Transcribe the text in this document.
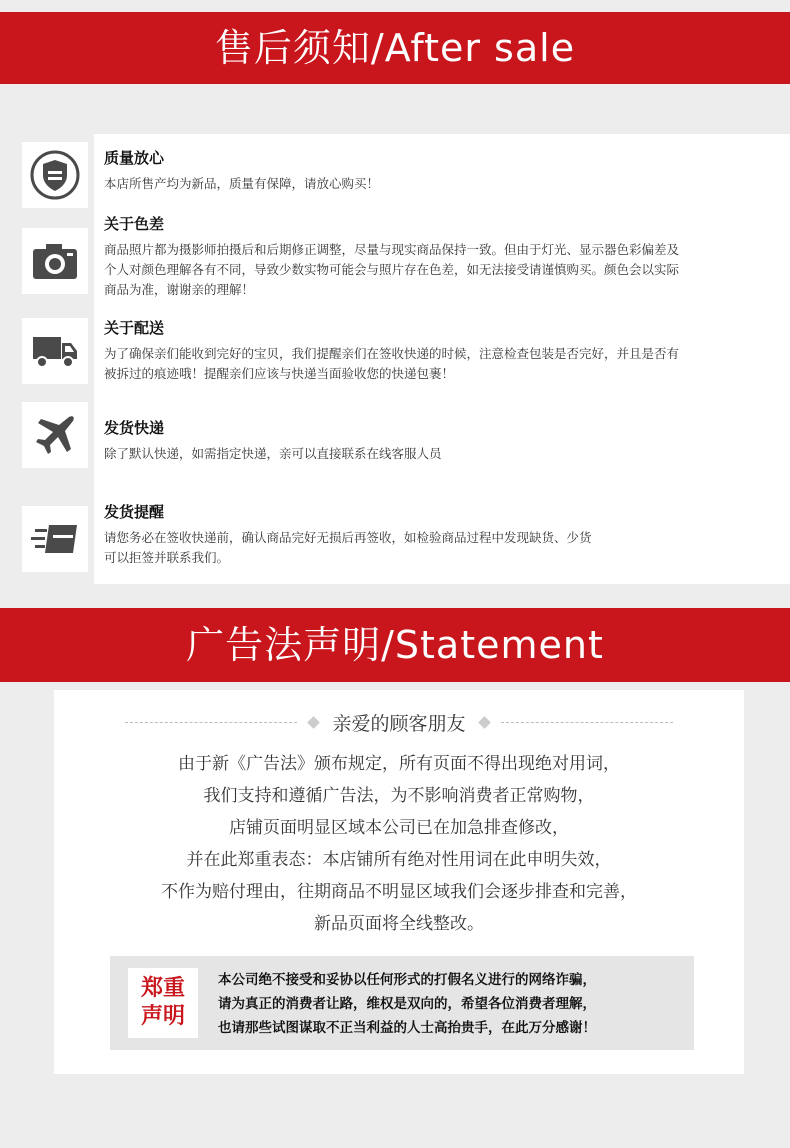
售后须知/After sale
质量放心
本店所售产均为新品，质量有保障，请放心购买！
关于色差
商品照片都为摄影师拍摄后和后期修正调整，尽量与现实商品保持一致。但由于灯光、显示器色彩偏差及
个人对颜色理解各有不同，导致少数实物可能会与照片存在色差，如无法接受请谨慎购买。颜色会以实际
商品为准，谢谢亲的理解！
关于配送
为了确保亲们能收到完好的宝贝，我们提醒亲们在签收快递的时候，注意检查包装是否完好，并且是否有
被拆过的痕迹哦！提醒亲们应该与快递当面验收您的快递包裹！
发货快递
除了默认快递，如需指定快递，亲可以直接联系在线客服人员
发货提醒
请您务必在签收快递前，确认商品完好无损后再签收，如检验商品过程中发现缺货、少货
可以拒签并联系我们。
广告法声明/Statement
亲爱的顾客朋友
由于新《广告法》颁布规定，所有页面不得出现绝对用词，
我们支持和遵循广告法，为不影响消费者正常购物，
店铺页面明显区域本公司已在加急排查修改，
并在此郑重表态：本店铺所有绝对性用词在此申明失效，
不作为赔付理由，往期商品不明显区域我们会逐步排查和完善，
新品页面将全线整改。
郑重
声明
本公司绝不接受和妥协以任何形式的打假名义进行的网络诈骗，
请为真正的消费者让路，维权是双向的，希望各位消费者理解，
也请那些试图谋取不正当利益的人士高抬贵手，在此万分感谢！
